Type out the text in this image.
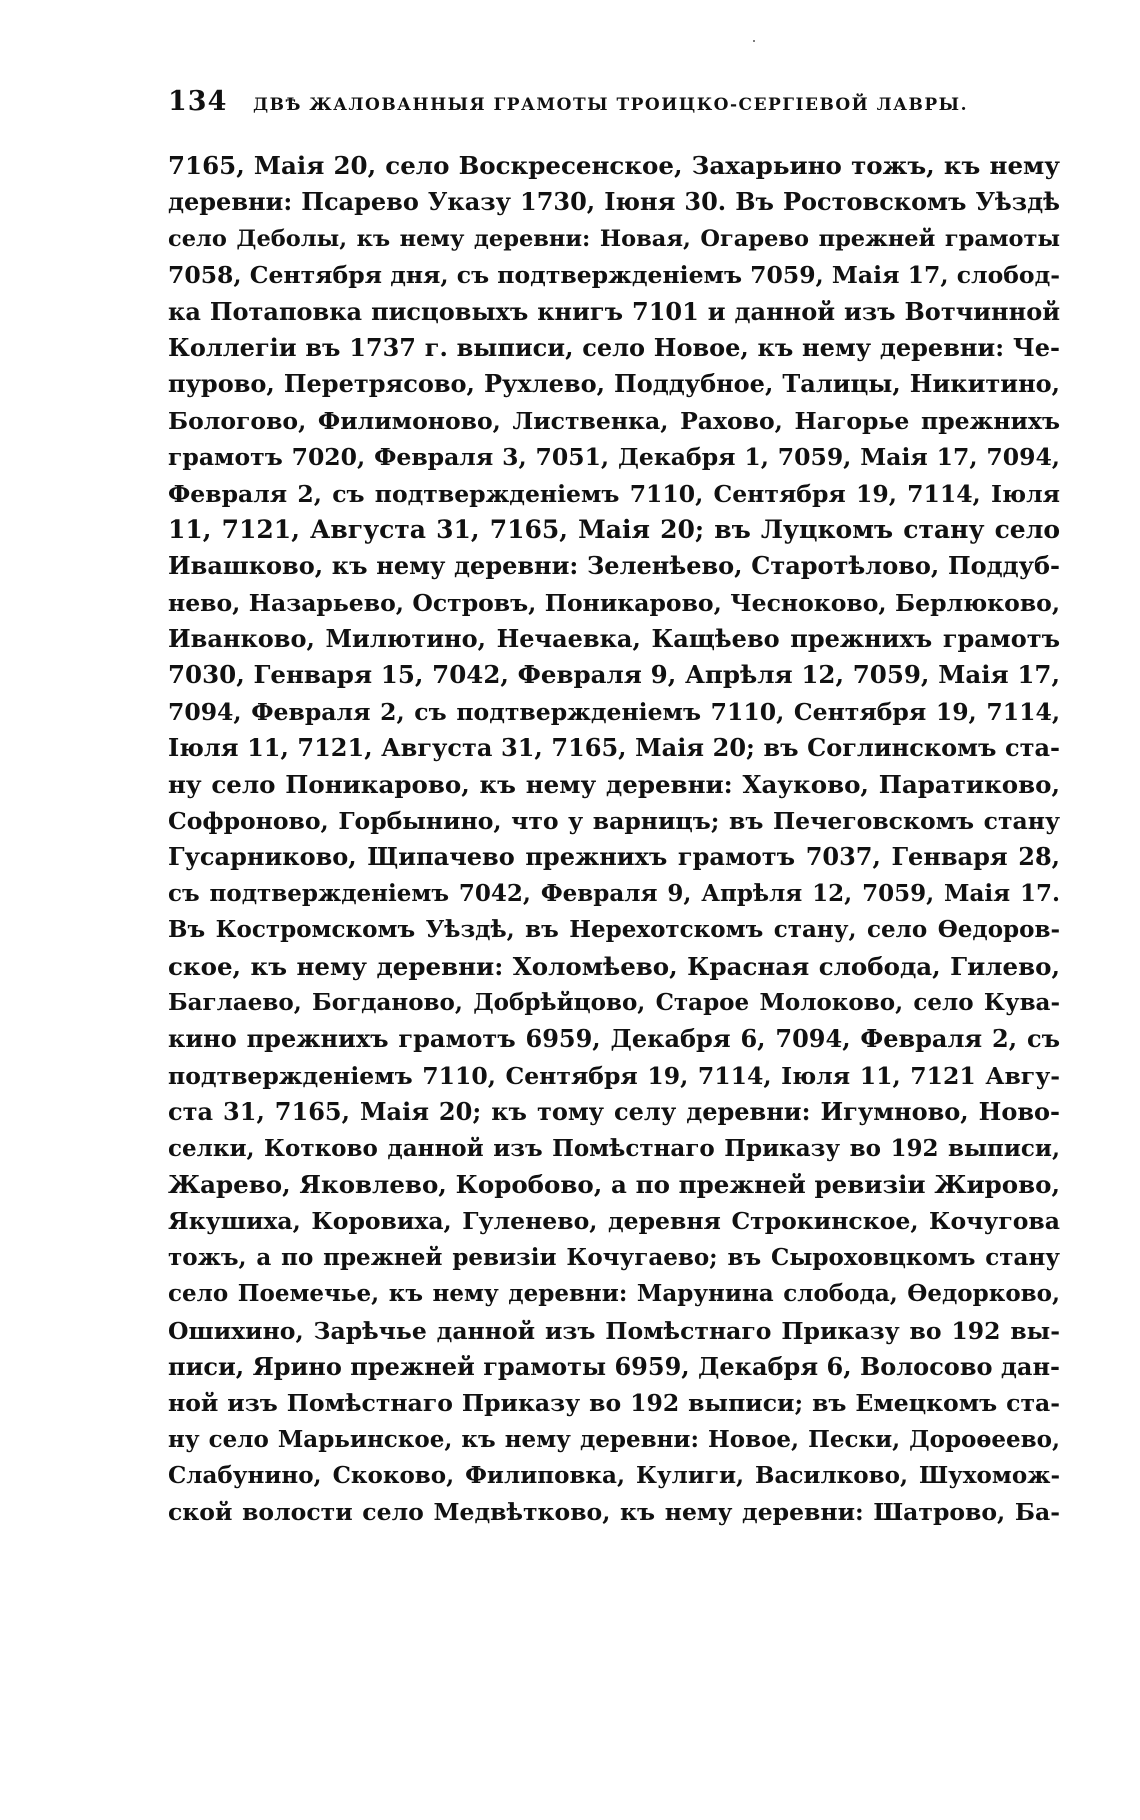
134	ДВѢ ЖАЛОВАННЫЯ ГРАМОТЫ ТРОИЦКО-СЕРГІЕВОЙ ЛАВРЫ.
7165, Мaія 20, село Воскресенское, Захарьино тожъ, къ нему
деревни: Псарево Указу 1730, Іюня 30. Въ Ростовскомъ Уѣздѣ
село Деболы, къ нему деревни: Новая, Огарево прежней грамоты
7058, Сентября дня, съ подтвержденіемъ 7059, Мaія 17, слобод-
ка Потаповка писцовыхъ книгъ 7101 и данной изъ Вотчинной
Коллегіи въ 1737 г. выписи, село Новое, къ нему деревни: Че-
пурово, Перетрясово, Рухлево, Поддубное, Талицы, Никитино,
Бологово, Филимоново, Лиственка, Рахово, Нагорье прежнихъ
грамотъ 7020, Февраля 3, 7051, Декабря 1, 7059, Мaія 17, 7094,
Февраля 2, съ подтвержденіемъ 7110, Сентября 19, 7114, Іюля
11, 7121, Августа 31, 7165, Мaія 20; въ Луцкомъ стану село
Ивашково, къ нему деревни: Зеленѣево, Старотѣлово, Поддуб-
нево, Назарьево, Островъ, Поникарово, Чесноково, Берлюково,
Иванково, Милютино, Нечаевка, Кащѣево прежнихъ грамотъ
7030, Генваря 15, 7042, Февраля 9, Апрѣля 12, 7059, Мaія 17,
7094, Февраля 2, съ подтвержденіемъ 7110, Сентября 19, 7114,
Іюля 11, 7121, Августа 31, 7165, Мaія 20; въ Соглинскомъ ста-
ну село Поникарово, къ нему деревни: Хауково, Паратиково,
Софроново, Горбынино, что у варницъ; въ Печеговскомъ стану
Гусарниково, Щипачево прежнихъ грамотъ 7037, Генваря 28,
съ подтвержденіемъ 7042, Февраля 9, Апрѣля 12, 7059, Мaія 17.
Въ Костромскомъ Уѣздѣ, въ Нерехотскомъ стану, село Өедоров-
ское, къ нему деревни: Холомѣево, Красная слобода, Гилево,
Баглаево, Богданово, Добрѣйцово, Старое Молоково, село Кува-
кино прежнихъ грамотъ 6959, Декабря 6, 7094, Февраля 2, съ
подтвержденіемъ 7110, Сентября 19, 7114, Іюля 11, 7121 Авгу-
ста 31, 7165, Мaія 20; къ тому селу деревни: Игумново, Ново-
селки, Котково данной изъ Помѣстнаго Приказу во 192 выписи,
Жарево, Яковлево, Коробово, а по прежней ревизіи Жирово,
Якушиха, Коровиха, Гуленево, деревня Строкинское, Кочугова
тожъ, а по прежней ревизіи Кочугаево; въ Сыроховцкомъ стану
село Поемечье, къ нему деревни: Марунина слобода, Өедорково,
Ошихино, Зарѣчье данной изъ Помѣстнаго Приказу во 192 вы-
писи, Ярино прежней грамоты 6959, Декабря 6, Волосово дан-
ной изъ Помѣстнаго Приказу во 192 выписи; въ Емецкомъ ста-
ну село Марьинское, къ нему деревни: Новое, Пески, Дороѳеево,
Слабунино, Скоково, Филиповка, Кулиги, Василково, Шухомож-
ской волости село Медвѣтково, къ нему деревни: Шатрово, Ба-
